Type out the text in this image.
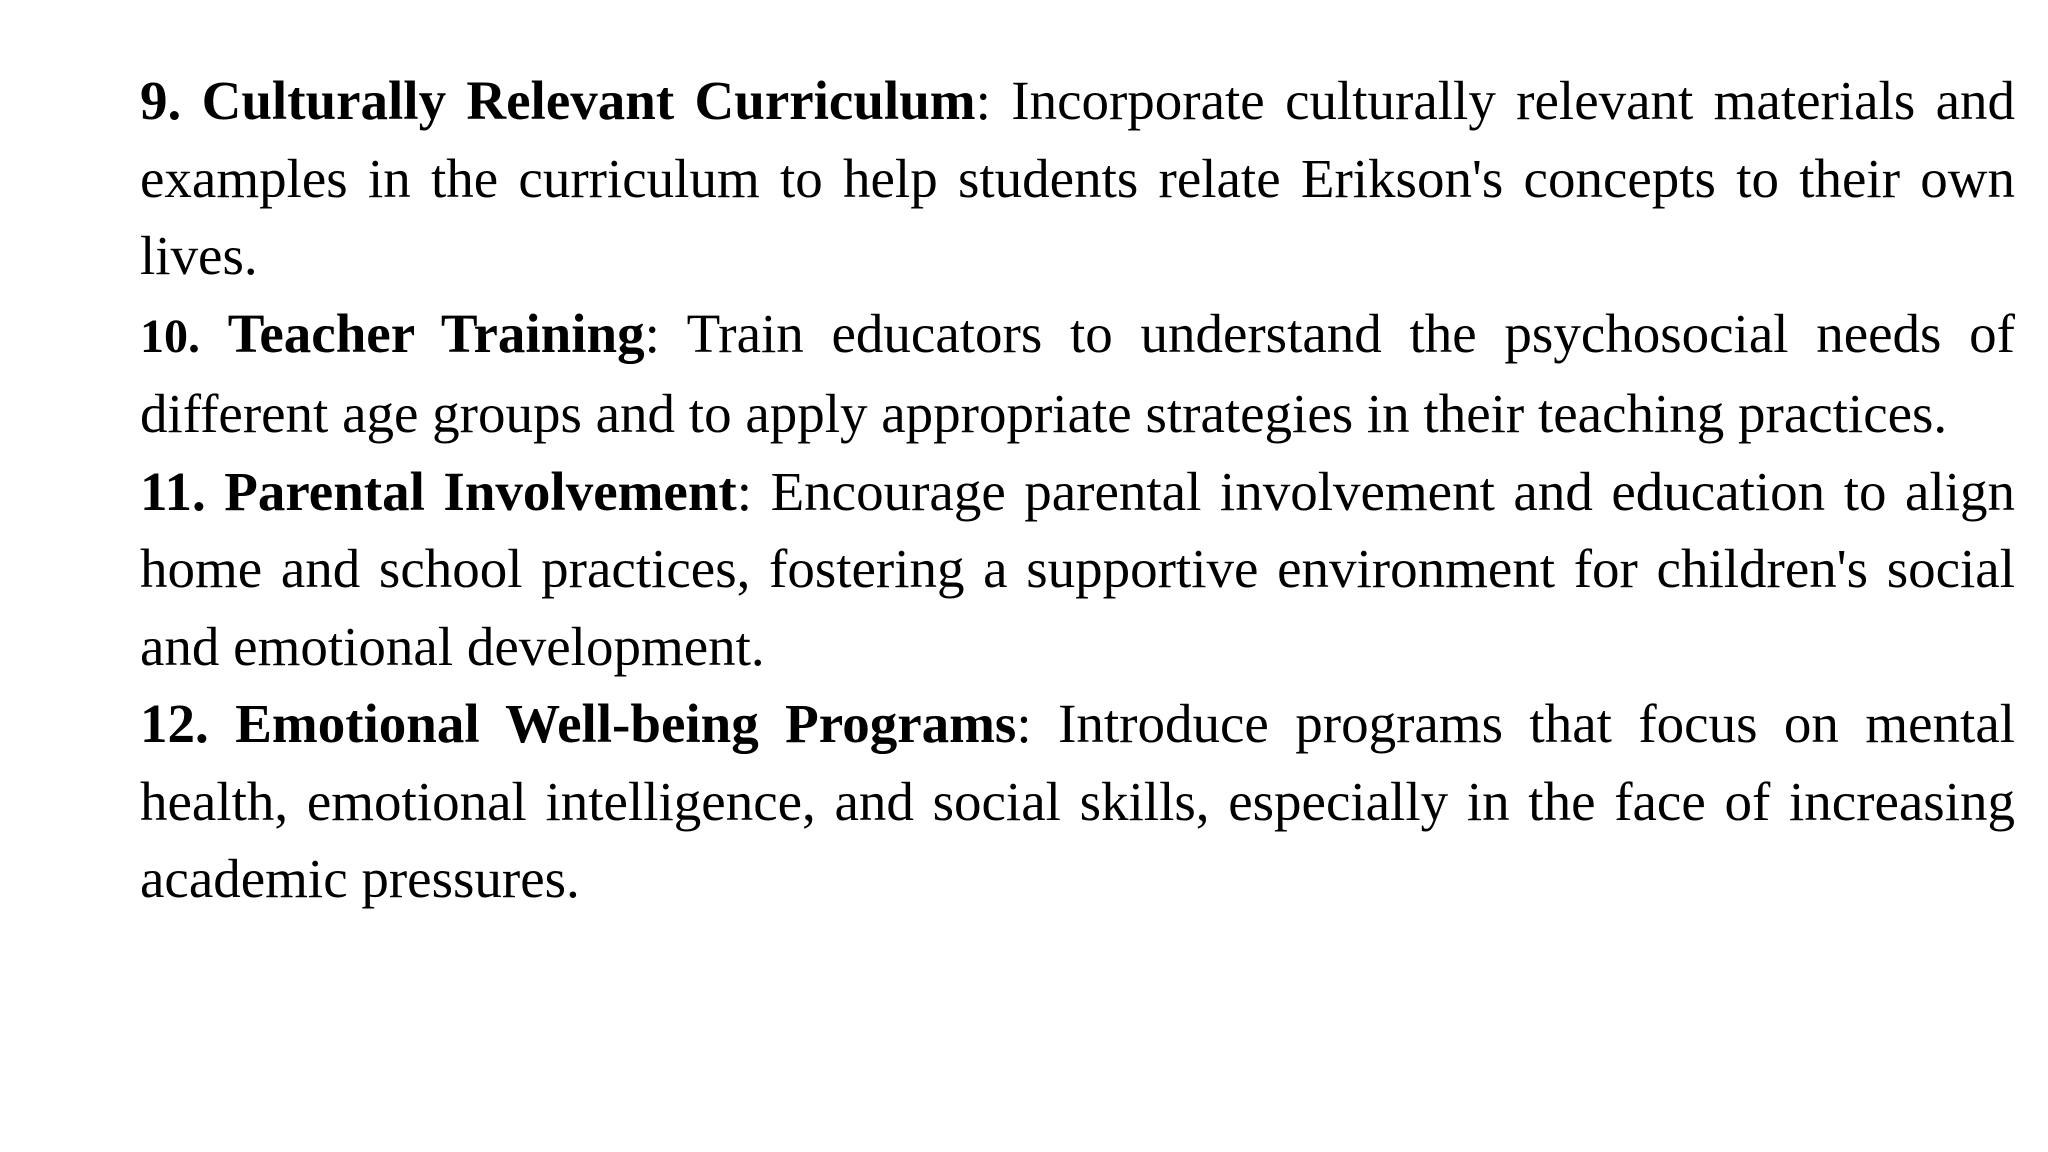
9. Culturally Relevant Curriculum: Incorporate culturally relevant materials and examples in the curriculum to help students relate Erikson's concepts to their own lives.

10. Teacher Training: Train educators to understand the psychosocial needs of different age groups and to apply appropriate strategies in their teaching practices.

11. Parental Involvement: Encourage parental involvement and education to align home and school practices, fostering a supportive environment for children's social and emotional development.

12. Emotional Well-being Programs: Introduce programs that focus on mental health, emotional intelligence, and social skills, especially in the face of increasing academic pressures.
